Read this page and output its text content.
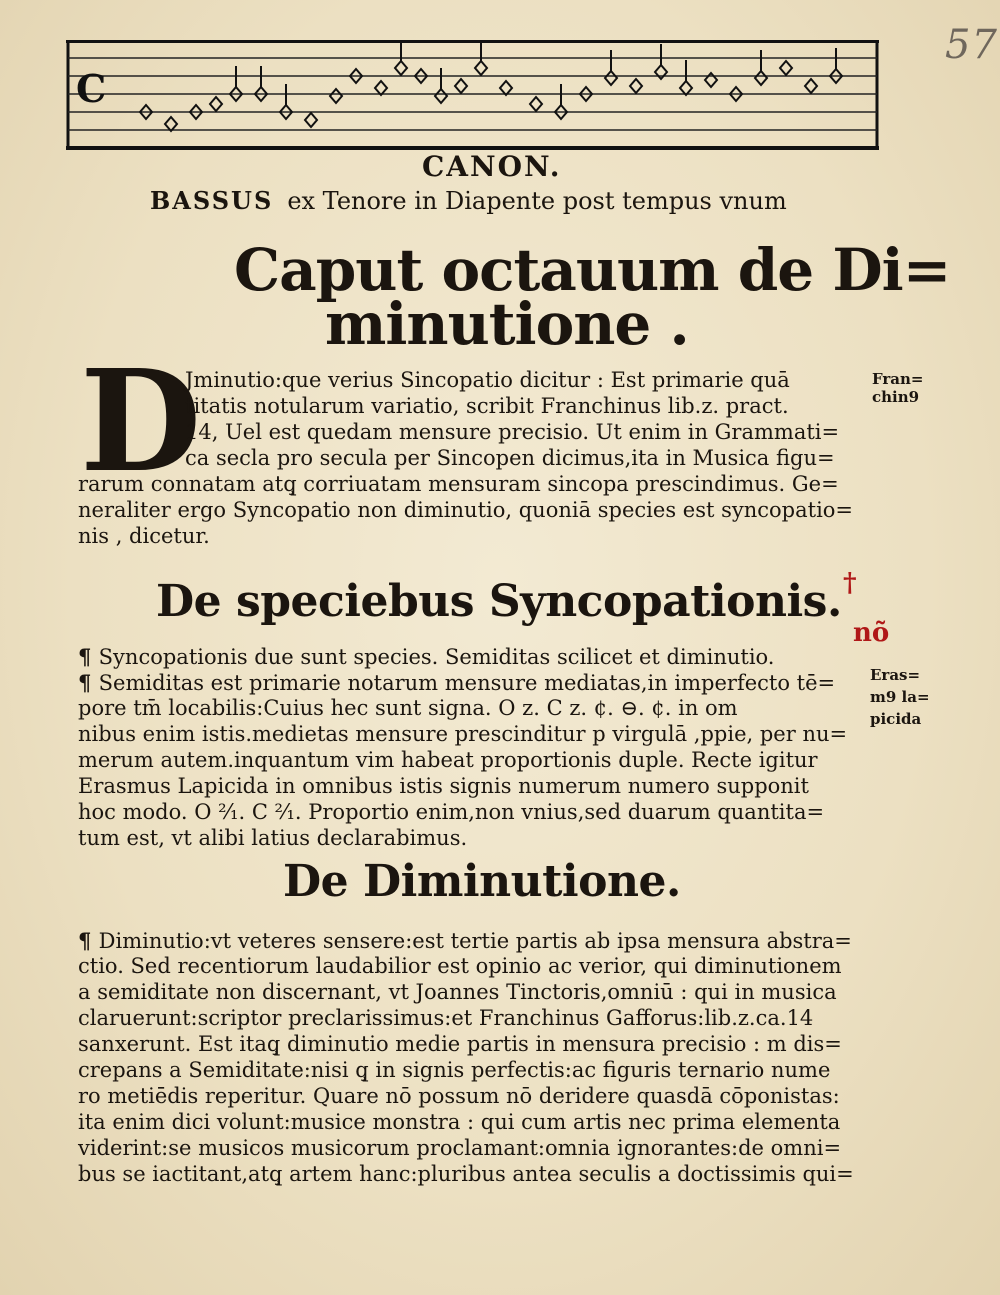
57
C
CANON.
BASSUS ex Tenore in Diapente post tempus vnum
Caput octauum de Di=
minutione .
D
Jminutio:que verius Sincopatio dicitur : Est primarie quā
titatis notularum variatio, scribit Franchinus lib.z. pract.
14, Uel est quedam mensure precisio. Ut enim in Grammati=
ca secla pro secula per Sincopen dicimus,ita in Musica figu=
rarum connatam atq̧ corriuatam mensuram sincopa prescindimus. Ge=
neraliter ergo Syncopatio non diminutio, quoniā species est syncopatio=
nis , dicetur.
Fran=
chin9
De speciebus Syncopationis. †
nõ
¶ Syncopationis due sunt species. Semiditas scilicet et diminutio.
¶ Semiditas est primarie notarum mensure mediatas,in imperfecto tē=
pore tm̄ locabilis:Cuius hec sunt signa. O z. C z. ¢. ⊖. ¢. in om
nibus enim istis.medietas mensure prescinditur p virgulā ,ppie, per nu=
merum autem.inquantum vim habeat proportionis duple. Recte igitur
Erasmus Lapicida in omnibus istis signis numerum numero supponit
hoc modo. O ²⁄₁. C ²⁄₁. Proportio enim,non vnius,sed duarum quantita=
tum est, vt alibi latius declarabimus.
Eras=
m9 la=
picida
De Diminutione.
¶ Diminutio:vt veteres sensere:est tertie partis ab ipsa mensura abstra=
ctio. Sed recentiorum laudabilior est opinio ac verior, qui diminutionem
a semiditate non discernant, vt Joannes Tinctoris,omniū : qui in musica
claruerunt:scriptor preclarissimus:et Franchinus Gafforus:lib.z.ca.14
sanxerunt. Est itaq̧ diminutio medie partis in mensura precisio : m dis=
crepans a Semiditate:nisi q̧ in signis perfectis:ac figuris ternario nume
ro metiēdis reperitur. Quare nō possum nō deridere quasdā cōponistas:
ita enim dici volunt:musice monstra : qui cum artis nec prima elementa
viderint:se musicos musicorum proclamant:omnia ignorantes:de omni=
bus se iactitant,atq̧ artem hanc:pluribus antea seculis a doctissimis qui=
